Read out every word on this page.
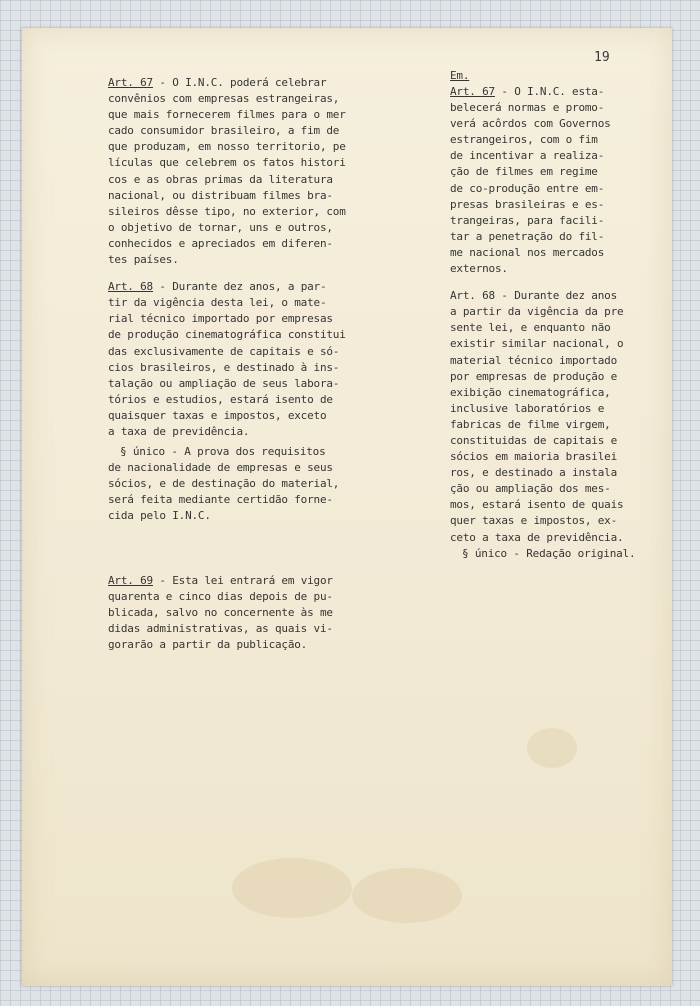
19

Art. 67 - O I.N.C. poderá celebrar
convênios com empresas estrangeiras,
que mais fornecerem filmes para o mer
cado consumidor brasileiro, a fim de
que produzam, em nosso territorio, pe
lículas que celebrem os fatos histori
cos e as obras primas da literatura
nacional, ou distribuam filmes bra-
sileiros dêsse tipo, no exterior, com
o objetivo de tornar, uns e outros,
conhecidos e apreciados em diferen-
tes países.

Art. 68 - Durante dez anos, a par-
tir da vigência desta lei, o mate-
rial técnico importado por empresas
de produção cinematográfica constitui
das exclusivamente de capitais e só-
cios brasileiros, e destinado à ins-
talação ou ampliação de seus labora-
tórios e estudios, estará isento de
quaisquer taxas e impostos, exceto
a taxa de previdência.

§ único - A prova dos requisitos
de nacionalidade de empresas e seus
sócios, e de destinação do material,
será feita mediante certidão forne-
cida pelo I.N.C.

Art. 69 - Esta lei entrará em vigor
quarenta e cinco dias depois de pu-
blicada, salvo no concernente às me
didas administrativas, as quais vi-
gorarão a partir da publicação.

Em.

Art. 67 - O I.N.C. esta-
belecerá normas e promo-
verá acôrdos com Governos
estrangeiros, com o fim
de incentivar a realiza-
ção de filmes em regime
de co-produção entre em-
presas brasileiras e es-
trangeiras, para facili-
tar a penetração do fil-
me nacional nos mercados
externos.

Art. 68 - Durante dez anos
a partir da vigência da pre
sente lei, e enquanto não
existir similar nacional, o
material técnico importado
por empresas de produção e
exibição cinematográfica,
inclusive laboratórios e
fabricas de filme virgem,
constituidas de capitais e
sócios em maioria brasilei
ros, e destinado a instala
ção ou ampliação dos mes-
mos, estará isento de quais
quer taxas e impostos, ex-
ceto a taxa de previdência.

§ único - Redação original.
